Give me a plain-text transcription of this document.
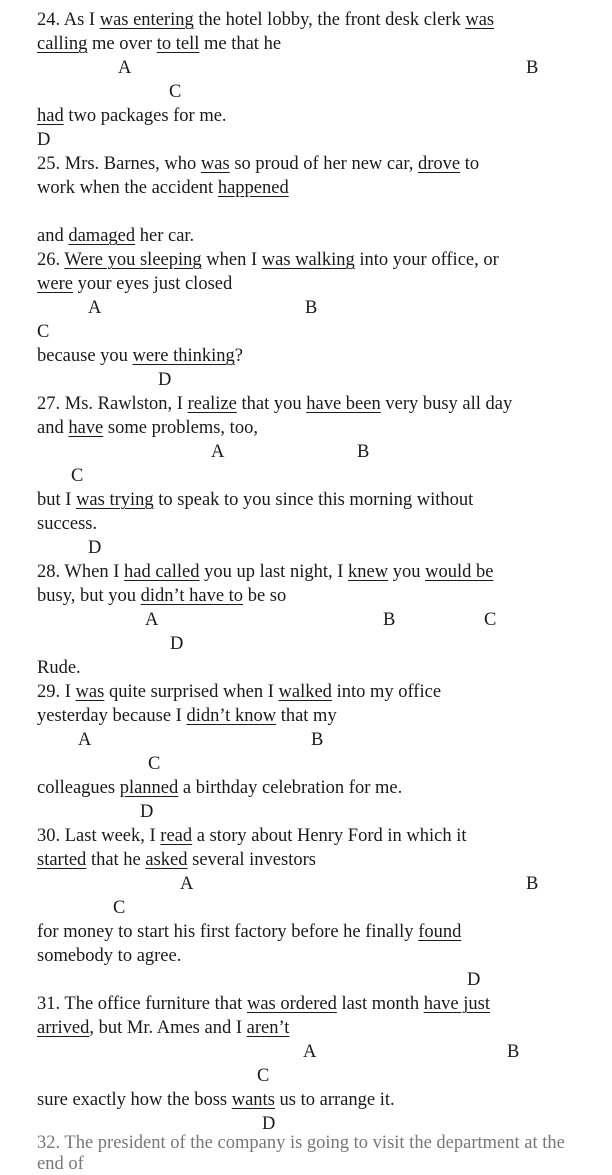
24. As I was entering the hotel lobby, the front desk clerk was
calling me over to tell me that he
had two packages for me.
A	B
C
D
25. Mrs. Barnes, who was so proud of her new car, drove to
work when the accident happened
and damaged her car.
26. Were you sleeping when I was walking into your office, or
were your eyes just closed
because you were thinking?
A	B
C
D
27. Ms. Rawlston, I realize that you have been very busy all day
and have some problems, too,
but I was trying to speak to you since this morning without
success.
A	B
C
D
28. When I had called you up last night, I knew you would be
busy, but you didn’t have to be so
Rude.
A	B	C
D
29. I was quite surprised when I walked into my office
yesterday because I didn’t know that my
colleagues planned a birthday celebration for me.
A	B
C
D
30. Last week, I read a story about Henry Ford in which it
started that he asked several investors
for money to start his first factory before he finally found
somebody to agree.
A	B
C
D
31. The office furniture that was ordered last month have just
arrived, but Mr. Ames and I aren’t
sure exactly how the boss wants us to arrange it.
A	B
C
D
32. The president of the company is going to visit the department at the end of
